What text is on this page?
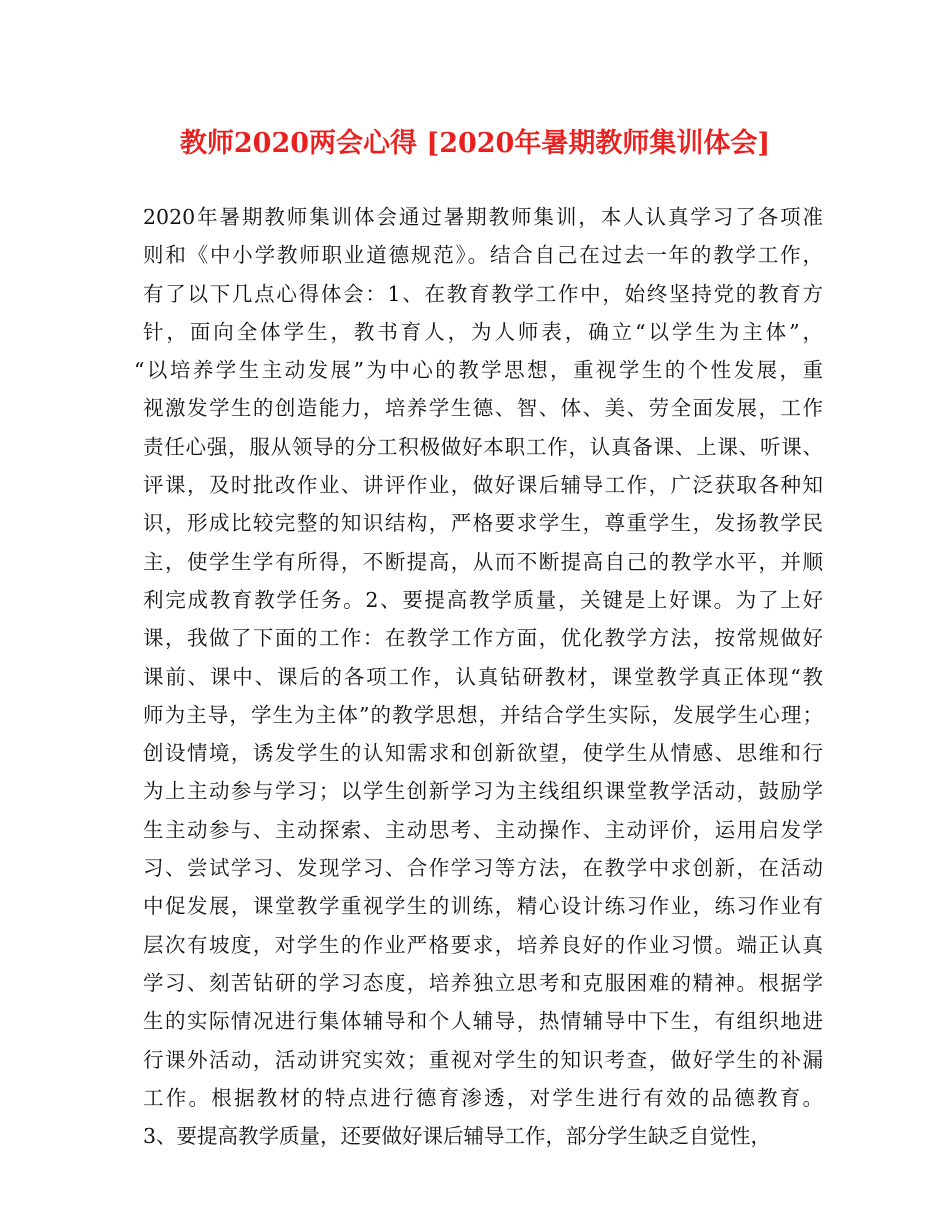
教师2020两会心得 [2020年暑期教师集训体会]
2020年暑期教师集训体会通过暑期教师集训，本人认真学习了各项准
则和《中小学教师职业道德规范》。结合自己在过去一年的教学工作，
有了以下几点心得体会：1、在教育教学工作中，始终坚持党的教育方
针，面向全体学生，教书育人，为人师表，确立“以学生为主体”，
“以培养学生主动发展”为中心的教学思想，重视学生的个性发展，重
视激发学生的创造能力，培养学生德、智、体、美、劳全面发展，工作
责任心强，服从领导的分工积极做好本职工作，认真备课、上课、听课、
评课，及时批改作业、讲评作业，做好课后辅导工作，广泛获取各种知
识，形成比较完整的知识结构，严格要求学生，尊重学生，发扬教学民
主，使学生学有所得，不断提高，从而不断提高自己的教学水平，并顺
利完成教育教学任务。2、要提高教学质量，关键是上好课。为了上好
课，我做了下面的工作：在教学工作方面，优化教学方法，按常规做好
课前、课中、课后的各项工作，认真钻研教材，课堂教学真正体现“教
师为主导，学生为主体”的教学思想，并结合学生实际，发展学生心理；
创设情境，诱发学生的认知需求和创新欲望，使学生从情感、思维和行
为上主动参与学习；以学生创新学习为主线组织课堂教学活动，鼓励学
生主动参与、主动探索、主动思考、主动操作、主动评价，运用启发学
习、尝试学习、发现学习、合作学习等方法，在教学中求创新，在活动
中促发展，课堂教学重视学生的训练，精心设计练习作业，练习作业有
层次有坡度，对学生的作业严格要求，培养良好的作业习惯。端正认真
学习、刻苦钻研的学习态度，培养独立思考和克服困难的精神。根据学
生的实际情况进行集体辅导和个人辅导，热情辅导中下生，有组织地进
行课外活动，活动讲究实效；重视对学生的知识考查，做好学生的补漏
工作。根据教材的特点进行德育渗透，对学生进行有效的品德教育。
3、要提高教学质量，还要做好课后辅导工作，部分学生缺乏自觉性，
